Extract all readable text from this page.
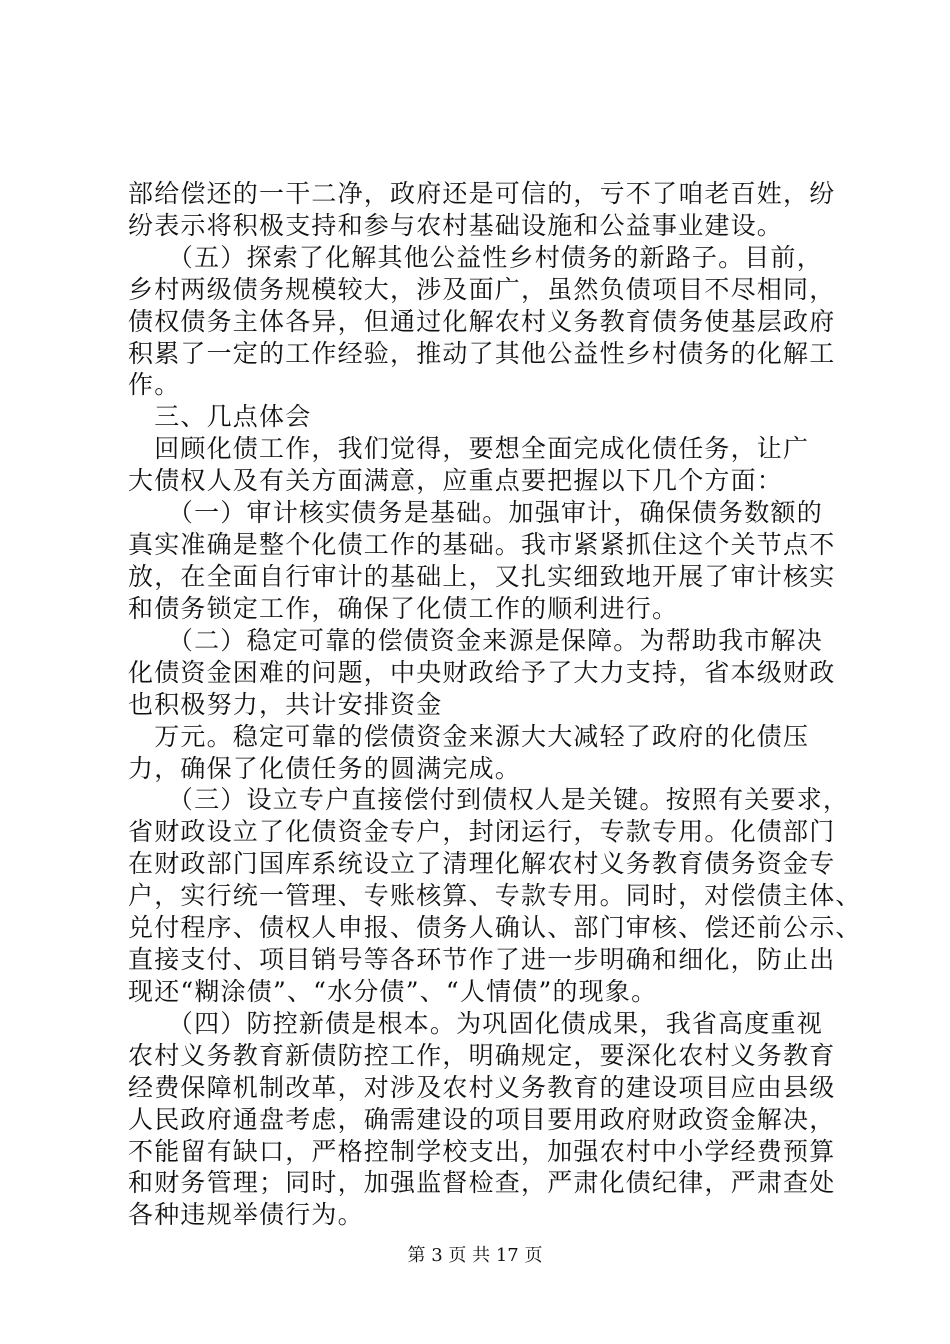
部给偿还的一干二净，政府还是可信的，亏不了咱老百姓，纷
纷表示将积极支持和参与农村基础设施和公益事业建设。
　　（五）探索了化解其他公益性乡村债务的新路子。目前，
乡村两级债务规模较大，涉及面广，虽然负债项目不尽相同，
债权债务主体各异，但通过化解农村义务教育债务使基层政府
积累了一定的工作经验，推动了其他公益性乡村债务的化解工
作。
　三、几点体会
　回顾化债工作，我们觉得，要想全面完成化债任务，让广
大债权人及有关方面满意，应重点要把握以下几个方面：
　　（一）审计核实债务是基础。加强审计，确保债务数额的
真实准确是整个化债工作的基础。我市紧紧抓住这个关节点不
放，在全面自行审计的基础上，又扎实细致地开展了审计核实
和债务锁定工作，确保了化债工作的顺利进行。
　　（二）稳定可靠的偿债资金来源是保障。为帮助我市解决
化债资金困难的问题，中央财政给予了大力支持，省本级财政
也积极努力，共计安排资金
　万元。稳定可靠的偿债资金来源大大减轻了政府的化债压
力，确保了化债任务的圆满完成。
　　（三）设立专户直接偿付到债权人是关键。按照有关要求，
省财政设立了化债资金专户，封闭运行，专款专用。化债部门
在财政部门国库系统设立了清理化解农村义务教育债务资金专
户，实行统一管理、专账核算、专款专用。同时，对偿债主体、
兑付程序、债权人申报、债务人确认、部门审核、偿还前公示、
直接支付、项目销号等各环节作了进一步明确和细化，防止出
现还“糊涂债”、“水分债”、“人情债”的现象。
　　（四）防控新债是根本。为巩固化债成果，我省高度重视
农村义务教育新债防控工作，明确规定，要深化农村义务教育
经费保障机制改革，对涉及农村义务教育的建设项目应由县级
人民政府通盘考虑，确需建设的项目要用政府财政资金解决，
不能留有缺口，严格控制学校支出，加强农村中小学经费预算
和财务管理；同时，加强监督检查，严肃化债纪律，严肃查处
各种违规举债行为。
第 3 页 共 17 页
